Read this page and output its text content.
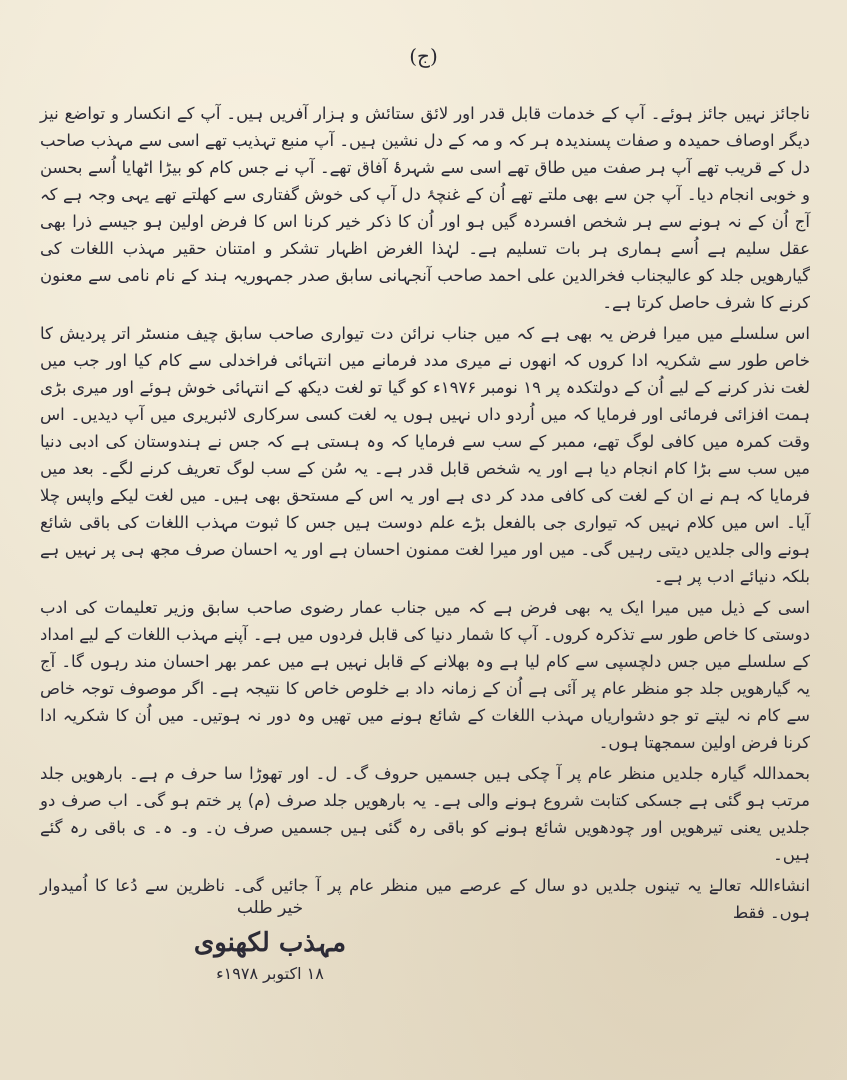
(ج)

ناجائز نہیں جائز ہوئے۔ آپ کے خدمات قابل قدر اور لائق ستائش و ہزار آفریں ہیں۔ آپ کے انکسار و تواضع نیز دیگر اوصاف حمیدہ و صفات پسندیدہ ہر کہ و مہ کے دل نشین ہیں۔ آپ منبع تہذیب تھے اسی سے مہذب صاحب دل کے قریب تھے آپ ہر صفت میں طاق تھے اسی سے شہرۂ آفاق تھے۔ آپ نے جس کام کو بیڑا اٹھایا اُسے بحسن و خوبی انجام دیا۔ آپ جن سے بھی ملتے تھے اُن کے غنچۂ دل آپ کی خوش گفتاری سے کھلتے تھے یہی وجہ ہے کہ آج اُن کے نہ ہونے سے ہر شخص افسردہ گیں ہو اور اُن کا ذکر خیر کرنا اس کا فرض اولین ہو جیسے ذرا بھی عقل سلیم ہے اُسے ہماری ہر بات تسلیم ہے۔ لہٰذا الغرض اظہار تشکر و امتنان حقیر مہذب اللغات کی گیارھویں جلد کو عالیجناب فخرالدین علی احمد صاحب آنجہانی سابق صدر جمہوریہ ہند کے نام نامی سے معنون کرنے کا شرف حاصل کرتا ہے۔

اس سلسلے میں میرا فرض یہ بھی ہے کہ میں جناب نرائن دت تیواری صاحب سابق چیف منسٹر اتر پردیش کا خاص طور سے شکریہ ادا کروں کہ انھوں نے میری مدد فرمانے میں انتہائی فراخدلی سے کام کیا اور جب میں لغت نذر کرنے کے لیے اُن کے دولتکدہ پر ۱۹ نومبر ۱۹۷۶ء کو گیا تو لغت دیکھ کے انتہائی خوش ہوئے اور میری بڑی ہمت افزائی فرمائی اور فرمایا کہ میں اُردو داں نہیں ہوں یہ لغت کسی سرکاری لائبریری میں آپ دیدیں۔ اس وقت کمرہ میں کافی لوگ تھے، ممبر کے سب سے فرمایا کہ وہ ہستی ہے کہ جس نے ہندوستان کی ادبی دنیا میں سب سے بڑا کام انجام دیا ہے اور یہ شخص قابل قدر ہے۔ یہ سُن کے سب لوگ تعریف کرنے لگے۔ بعد میں فرمایا کہ ہم نے ان کے لغت کی کافی مدد کر دی ہے اور یہ اس کے مستحق بھی ہیں۔ میں لغت لیکے واپس چلا آیا۔ اس میں کلام نہیں کہ تیواری جی بالفعل بڑے علم دوست ہیں جس کا ثبوت مہذب اللغات کی باقی شائع ہونے والی جلدیں دیتی رہیں گی۔ میں اور میرا لغت ممنون احسان ہے اور یہ احسان صرف مجھ ہی پر نہیں ہے بلکہ دنیائے ادب پر ہے۔

اسی کے ذیل میں میرا ایک یہ بھی فرض ہے کہ میں جناب عمار رضوی صاحب سابق وزیر تعلیمات کی ادب دوستی کا خاص طور سے تذکرہ کروں۔ آپ کا شمار دنیا کی قابل فردوں میں ہے۔ آپنے مہذب اللغات کے لیے امداد کے سلسلے میں جس دلچسپی سے کام لیا ہے وہ بھلانے کے قابل نہیں ہے میں عمر بھر احسان مند رہوں گا۔ آج یہ گیارھویں جلد جو منظر عام پر آئی ہے اُن کے زمانہ داد بے خلوص خاص کا نتیجہ ہے۔ اگر موصوف توجہ خاص سے کام نہ لیتے تو جو دشواریاں مہذب اللغات کے شائع ہونے میں تھیں وہ دور نہ ہوتیں۔ میں اُن کا شکریہ ادا کرنا فرض اولین سمجھتا ہوں۔

بحمداللہ گیارہ جلدیں منظر عام پر آ چکی ہیں جسمیں حروف گ۔ ل۔ اور تھوڑا سا حرف م ہے۔ بارھویں جلد مرتب ہو گئی ہے جسکی کتابت شروع ہونے والی ہے۔ یہ بارھویں جلد صرف (م) پر ختم ہو گی۔ اب صرف دو جلدیں یعنی تیرھویں اور چودھویں شائع ہونے کو باقی رہ گئی ہیں جسمیں صرف ن۔ و۔ ہ۔ ی باقی رہ گئے ہیں۔

انشاءاللہ تعالےٰ یہ تینوں جلدیں دو سال کے عرصے میں منظر عام پر آ جائیں گی۔ ناظرین سے دُعا کا اُمیدوار ہوں۔ فقط

خیر طلب
مہذب لکھنوی
۱۸ اکتوبر ۱۹۷۸ء
